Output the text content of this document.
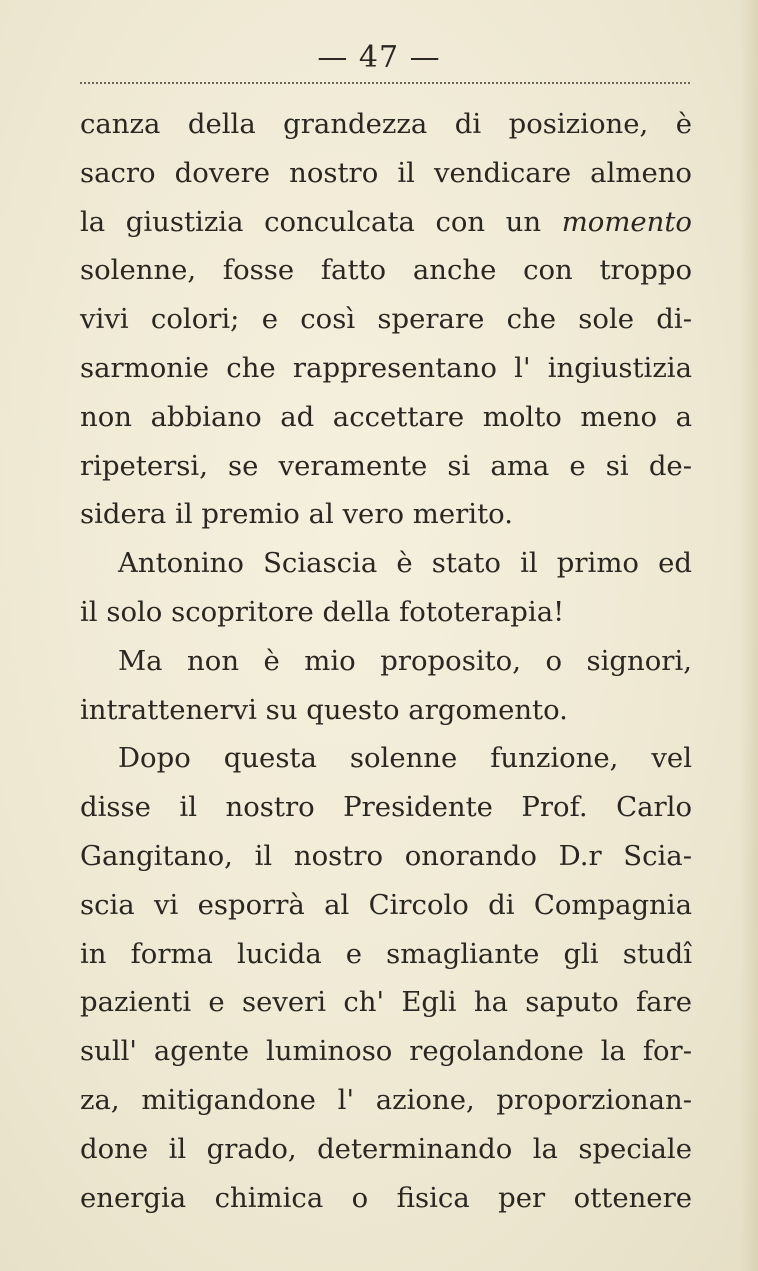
— 47 —
canza della grandezza di posizione, è
sacro dovere nostro il vendicare almeno
la giustizia conculcata con un momento
solenne, fosse fatto anche con troppo
vivi colori; e così sperare che sole di-
sarmonie che rappresentano l' ingiustizia
non abbiano ad accettare molto meno a
ripetersi, se veramente si ama e si de-
sidera il premio al vero merito.
Antonino Sciascia è stato il primo ed
il solo scopritore della fototerapia!
Ma non è mio proposito, o signori,
intrattenervi su questo argomento.
Dopo questa solenne funzione, vel
disse il nostro Presidente Prof. Carlo
Gangitano, il nostro onorando D.r Scia-
scia vi esporrà al Circolo di Compagnia
in forma lucida e smagliante gli studî
pazienti e severi ch' Egli ha saputo fare
sull' agente luminoso regolandone la for-
za, mitigandone l' azione, proporzionan-
done il grado, determinando la speciale
energia chimica o fisica per ottenere
